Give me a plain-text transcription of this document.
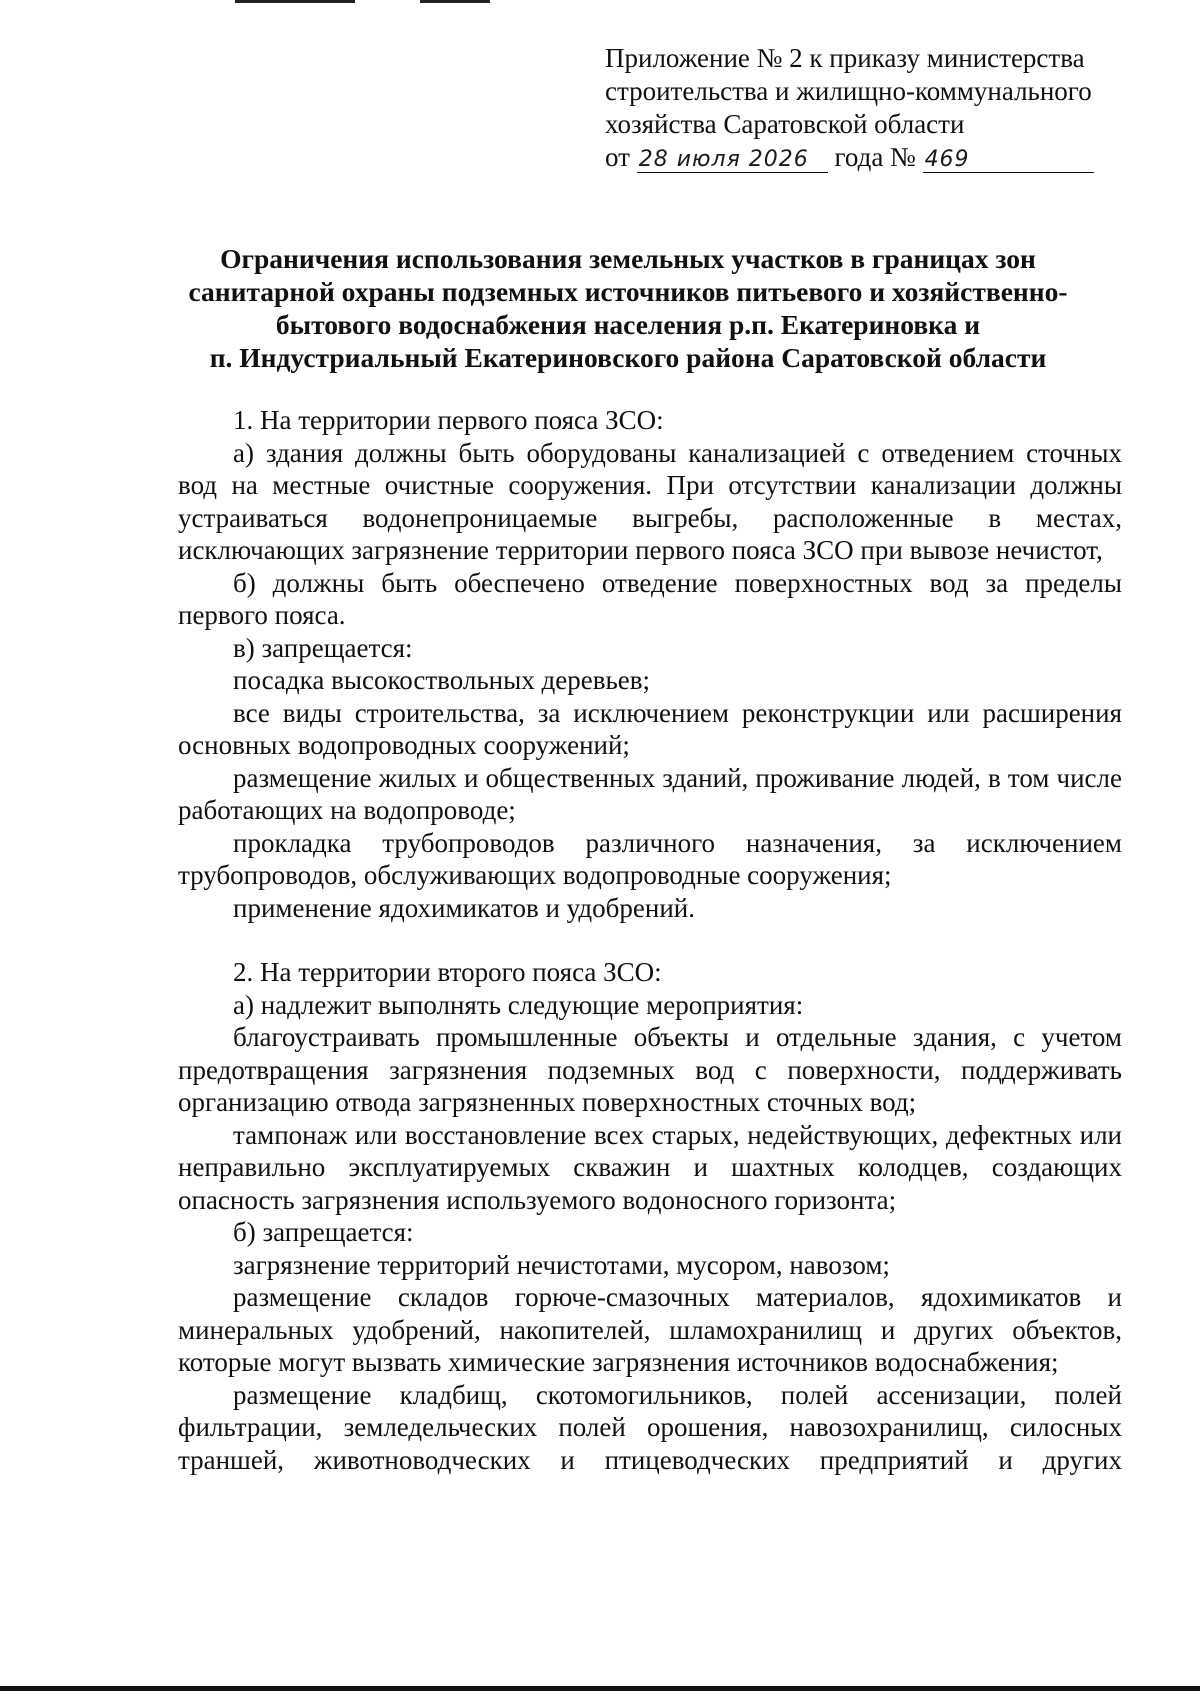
Приложение № 2 к приказу министерства
строительства и жилищно-коммунального
хозяйства Саратовской области
от 28 июля 2026 года № 469
Ограничения использования земельных участков в границах зон
санитарной охраны подземных источников питьевого и хозяйственно-
бытового водоснабжения населения р.п. Екатериновка и
п. Индустриальный Екатериновского района Саратовской области

1. На территории первого пояса ЗСО:

а) здания должны быть оборудованы канализацией с отведением сточных вод на местные очистные сооружения. При отсутствии канализации должны устраиваться водонепроницаемые выгребы, расположенные в местах, исключающих загрязнение территории первого пояса ЗСО при вывозе нечистот,

б) должны быть обеспечено отведение поверхностных вод за пределы первого пояса.

в) запрещается:

посадка высокоствольных деревьев;

все виды строительства, за исключением реконструкции или расширения основных водопроводных сооружений;

размещение жилых и общественных зданий, проживание людей, в том числе работающих на водопроводе;

прокладка трубопроводов различного назначения, за исключением трубопроводов, обслуживающих водопроводные сооружения;

применение ядохимикатов и удобрений.

2. На территории второго пояса ЗСО:

а) надлежит выполнять следующие мероприятия:

благоустраивать промышленные объекты и отдельные здания, с учетом предотвращения загрязнения подземных вод с поверхности, поддерживать организацию отвода загрязненных поверхностных сточных вод;

тампонаж или восстановление всех старых, недействующих, дефектных или неправильно эксплуатируемых скважин и шахтных колодцев, создающих опасность загрязнения используемого водоносного горизонта;

б) запрещается:

загрязнение территорий нечистотами, мусором, навозом;

размещение складов горюче-смазочных материалов, ядохимикатов и минеральных удобрений, накопителей, шламохранилищ и других объектов, которые могут вызвать химические загрязнения источников водоснабжения;

размещение кладбищ, скотомогильников, полей ассенизации, полей фильтрации, земледельческих полей орошения, навозохранилищ, силосных траншей, животноводческих и птицеводческих предприятий и других
